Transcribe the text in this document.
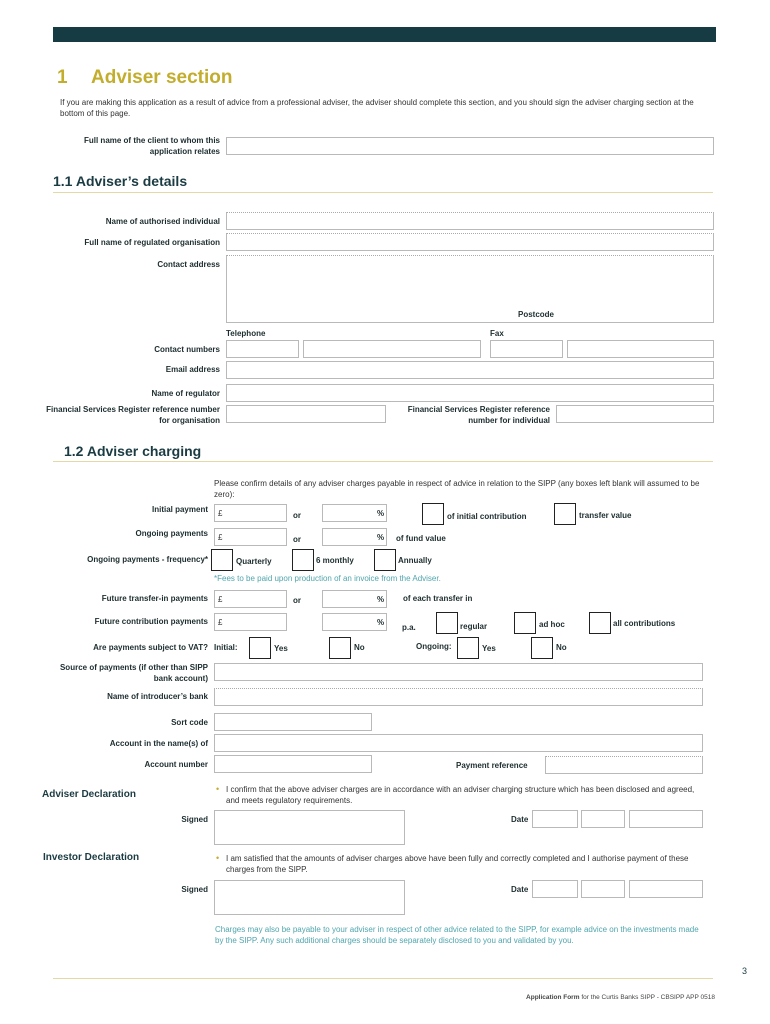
1 Adviser section
If you are making this application as a result of advice from a professional adviser, the adviser should complete this section, and you should sign the adviser charging section at the bottom of this page.
Full name of the client to whom this application relates
1.1 Adviser’s details
Name of authorised individual
Full name of regulated organisation
Contact address
Postcode
Telephone	Fax
Contact numbers
Email address
Name of regulator
Financial Services Register reference number for organisation
Financial Services Register reference number for individual
1.2 Adviser charging
Please confirm details of any adviser charges payable in respect of advice in relation to the SIPP (any boxes left blank will assumed to be zero):
Initial payment £	or	%	of initial contribution	transfer value
Ongoing payments £	or	% of fund value
Ongoing payments - frequency*	Quarterly	6 monthly	Annually
*Fees to be paid upon production of an invoice from the Adviser.
Future transfer-in payments £	or	% of each transfer in
Future contribution payments £	%
p.a.	regular	ad hoc	all contributions
Are payments subject to VAT? Initial:	Yes	No	Ongoing:	Yes	No
Source of payments (if other than SIPP bank account)
Name of introducer’s bank
Sort code
Account in the name(s) of
Account number	Payment reference
Adviser Declaration	• I confirm that the above adviser charges are in accordance with an adviser charging structure which has been disclosed and agreed, and meets regulatory requirements.
Signed	Date
Investor Declaration	• I am satisfied that the amounts of adviser charges above have been fully and correctly completed and I authorise payment of these charges from the SIPP.
Signed	Date
Charges may also be payable to your adviser in respect of other advice related to the SIPP, for example advice on the investments made by the SIPP. Any such additional charges should be separately disclosed to you and validated by you.
3
Application Form for the Curtis Banks SIPP - CBSIPP APP 0518
